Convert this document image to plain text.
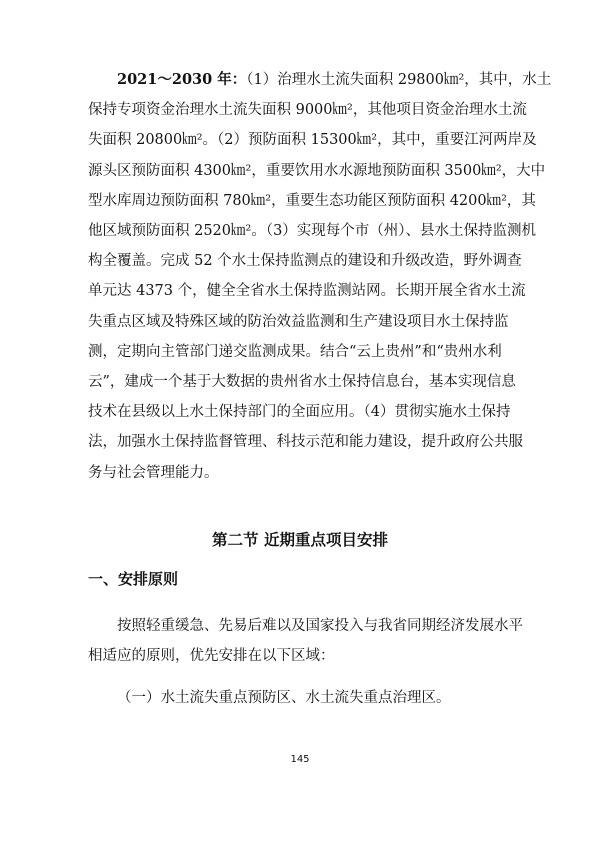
2021～2030 年：（1）治理水土流失面积 29800㎞²，其中，水土
保持专项资金治理水土流失面积 9000㎞²，其他项目资金治理水土流
失面积 20800㎞²。（2）预防面积 15300㎞²，其中，重要江河两岸及
源头区预防面积 4300㎞²，重要饮用水水源地预防面积 3500㎞²，大中
型水库周边预防面积 780㎞²，重要生态功能区预防面积 4200㎞²，其
他区域预防面积 2520㎞²。（3）实现每个市（州）、县水土保持监测机
构全覆盖。完成 52 个水土保持监测点的建设和升级改造，野外调查
单元达 4373 个，健全全省水土保持监测站网。长期开展全省水土流
失重点区域及特殊区域的防治效益监测和生产建设项目水土保持监
测，定期向主管部门递交监测成果。结合“云上贵州”和“贵州水利
云”，建成一个基于大数据的贵州省水土保持信息台，基本实现信息
技术在县级以上水土保持部门的全面应用。（4）贯彻实施水土保持
法，加强水土保持监督管理、科技示范和能力建设，提升政府公共服
务与社会管理能力。
第二节 近期重点项目安排
一、安排原则
按照轻重缓急、先易后难以及国家投入与我省同期经济发展水平
相适应的原则，优先安排在以下区域：
（一）水土流失重点预防区、水土流失重点治理区。
145
